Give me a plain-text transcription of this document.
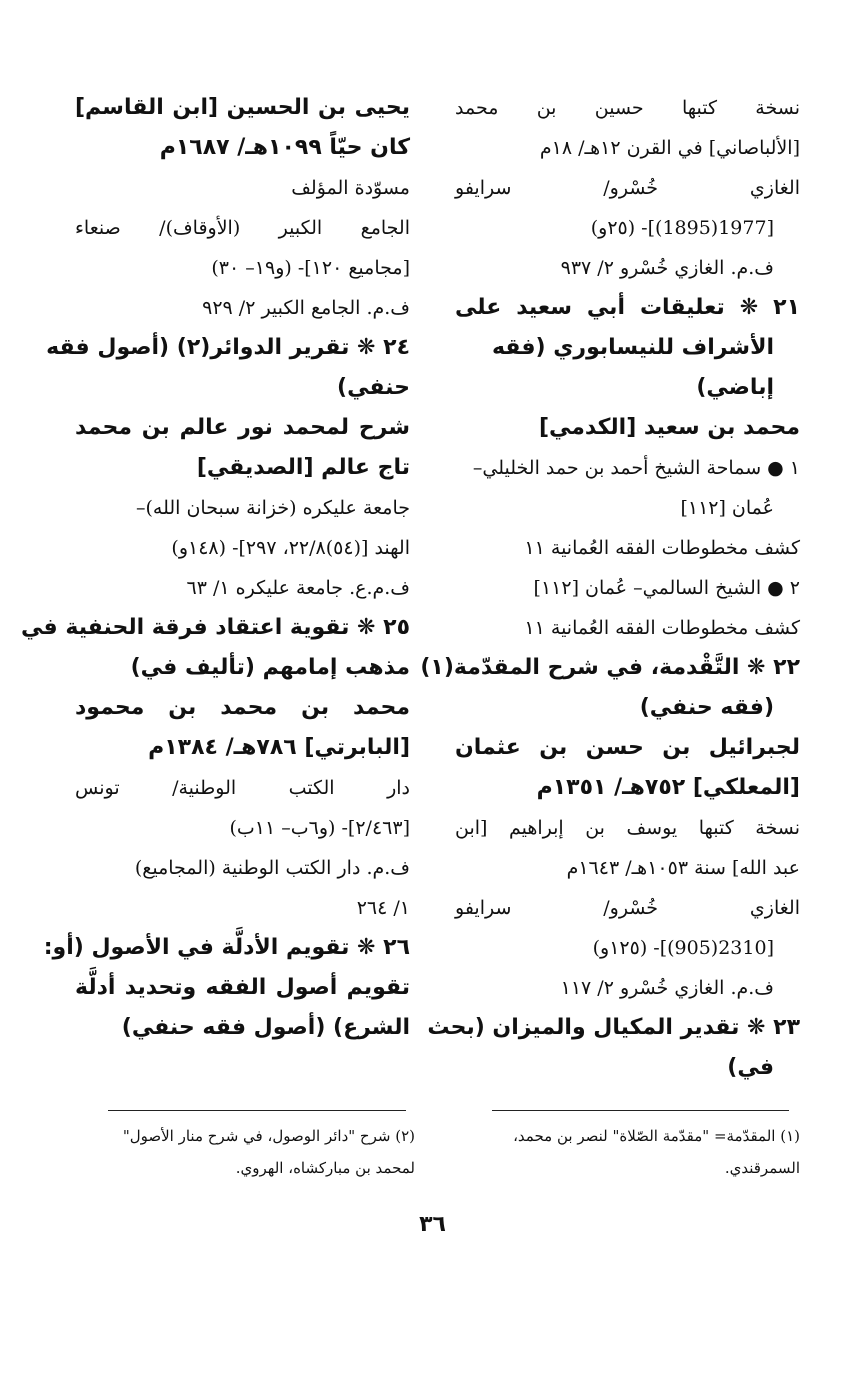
نسخة كتبها حسين بن محمد
[الألباصاني] في القرن ١٢هـ/ ١٨م
الغازي خُسْرو/ سرايفو
[1977(1895)]- (٢٥و)
ف.م. الغازي خُسْرو ٢/ ٩٣٧
٢١ ❋ تعليقات أبي سعيد على
الأشراف للنيسابوري (فقه
إباضي)
محمد بن سعيد [الكدمي]
١ ● سماحة الشيخ أحمد بن حمد الخليلي–
عُمان [١١٢]
كشف مخطوطات الفقه العُمانية ١١
٢ ● الشيخ السالمي– عُمان [١١٢]
كشف مخطوطات الفقه العُمانية ١١
٢٢ ❋ التَّقْدمة، في شرح المقدّمة(١)
(فقه حنفي)
لجبرائيل بن حسن بن عثمان
[المعلكي] ٧٥٢هـ/ ١٣٥١م
نسخة كتبها يوسف بن إبراهيم [ابن
عبد الله] سنة ١٠٥٣هـ/ ١٦٤٣م
الغازي خُسْرو/ سرايفو
[2310(905)]- (١٢٥و)
ف.م. الغازي خُسْرو ٢/ ١١٧
٢٣ ❋ تقدير المكيال والميزان (بحث
في)
يحيى بن الحسين [ابن القاسم]
كان حيّاً ١٠٩٩هـ/ ١٦٨٧م
مسوّدة المؤلف
الجامع الكبير (الأوقاف)/ صنعاء
[مجاميع ١٢٠]- (و١٩– ٣٠)
ف.م. الجامع الكبير ٢/ ٩٢٩
٢٤ ❋ تقرير الدوائر(٢) (أصول فقه
حنفي)
شرح لمحمد نور عالم بن محمد
تاج عالم [الصديقي]
جامعة عليكره (خزانة سبحان الله)–
الهند [(٥٤)٢٢/٨، ٢٩٧]- (١٤٨و)
ف.م.ع. جامعة عليكره ١/ ٦٣
٢٥ ❋ تقوية اعتقاد فرقة الحنفية في
مذهب إمامهم (تأليف في)
محمد بن محمد بن محمود
[البابرتي] ٧٨٦هـ/ ١٣٨٤م
دار الكتب الوطنية/ تونس
[٢/٤٦٣]- (و٦ب– ١١ب)
ف.م. دار الكتب الوطنية (المجاميع)
١/ ٢٦٤
٢٦ ❋ تقويم الأدلَّة في الأصول (أو:
تقويم أصول الفقه وتحديد أدلَّة
الشرع) (أصول فقه حنفي)
(١) المقدّمة= "مقدّمة الصّلاة" لنصر بن محمد،
السمرقندي.
(٢) شرح "دائر الوصول، في شرح منار الأصول"
لمحمد بن مباركشاه، الهروي.
٣٦
